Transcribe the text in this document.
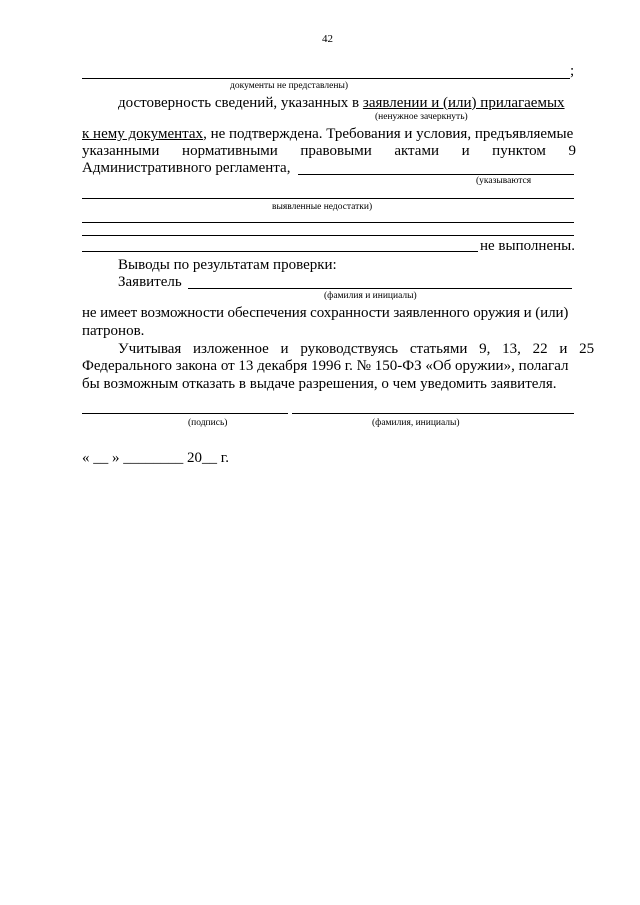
42
;
документы не представлены)
достоверность сведений, указанных в заявлении и (или) прилагаемых
(ненужное зачеркнуть)
к нему документах, не подтверждена. Требования и условия, предъявляемые
указанными нормативными правовыми актами и пунктом 9
Административного регламента,
(указываются
выявленные недостатки)
не выполнены.
Выводы по результатам проверки:
Заявитель
(фамилия и инициалы)
не имеет возможности обеспечения сохранности заявленного оружия и (или)
патронов.
Учитывая изложенное и руководствуясь статьями 9, 13, 22 и 25
Федерального закона от 13 декабря 1996 г. № 150-ФЗ «Об оружии», полагал
бы возможным отказать в выдаче разрешения, о чем уведомить заявителя.
(подпись)	(фамилия, инициалы)
« __ » ________ 20__ г.
